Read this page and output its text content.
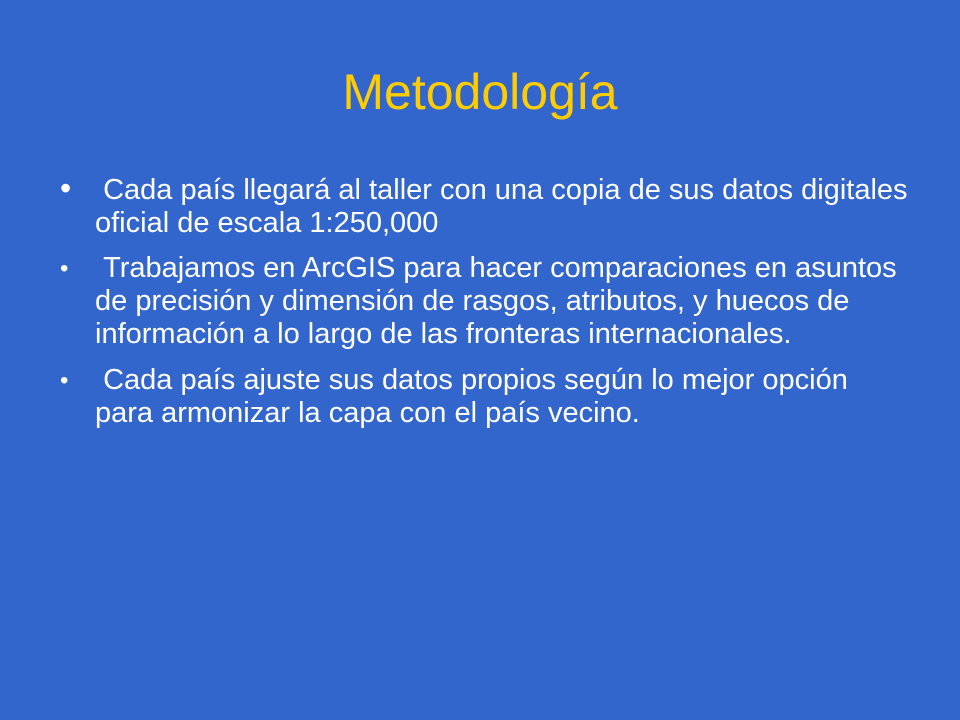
Metodología
• Cada país llegará al taller con una copia de sus datos digitales oficial de escala 1:250,000
• Trabajamos en ArcGIS para hacer comparaciones en asuntos de precisión y dimensión de rasgos, atributos, y huecos de información a lo largo de las fronteras internacionales.
• Cada país ajuste sus datos propios según lo mejor opción para armonizar la capa con el país vecino.
